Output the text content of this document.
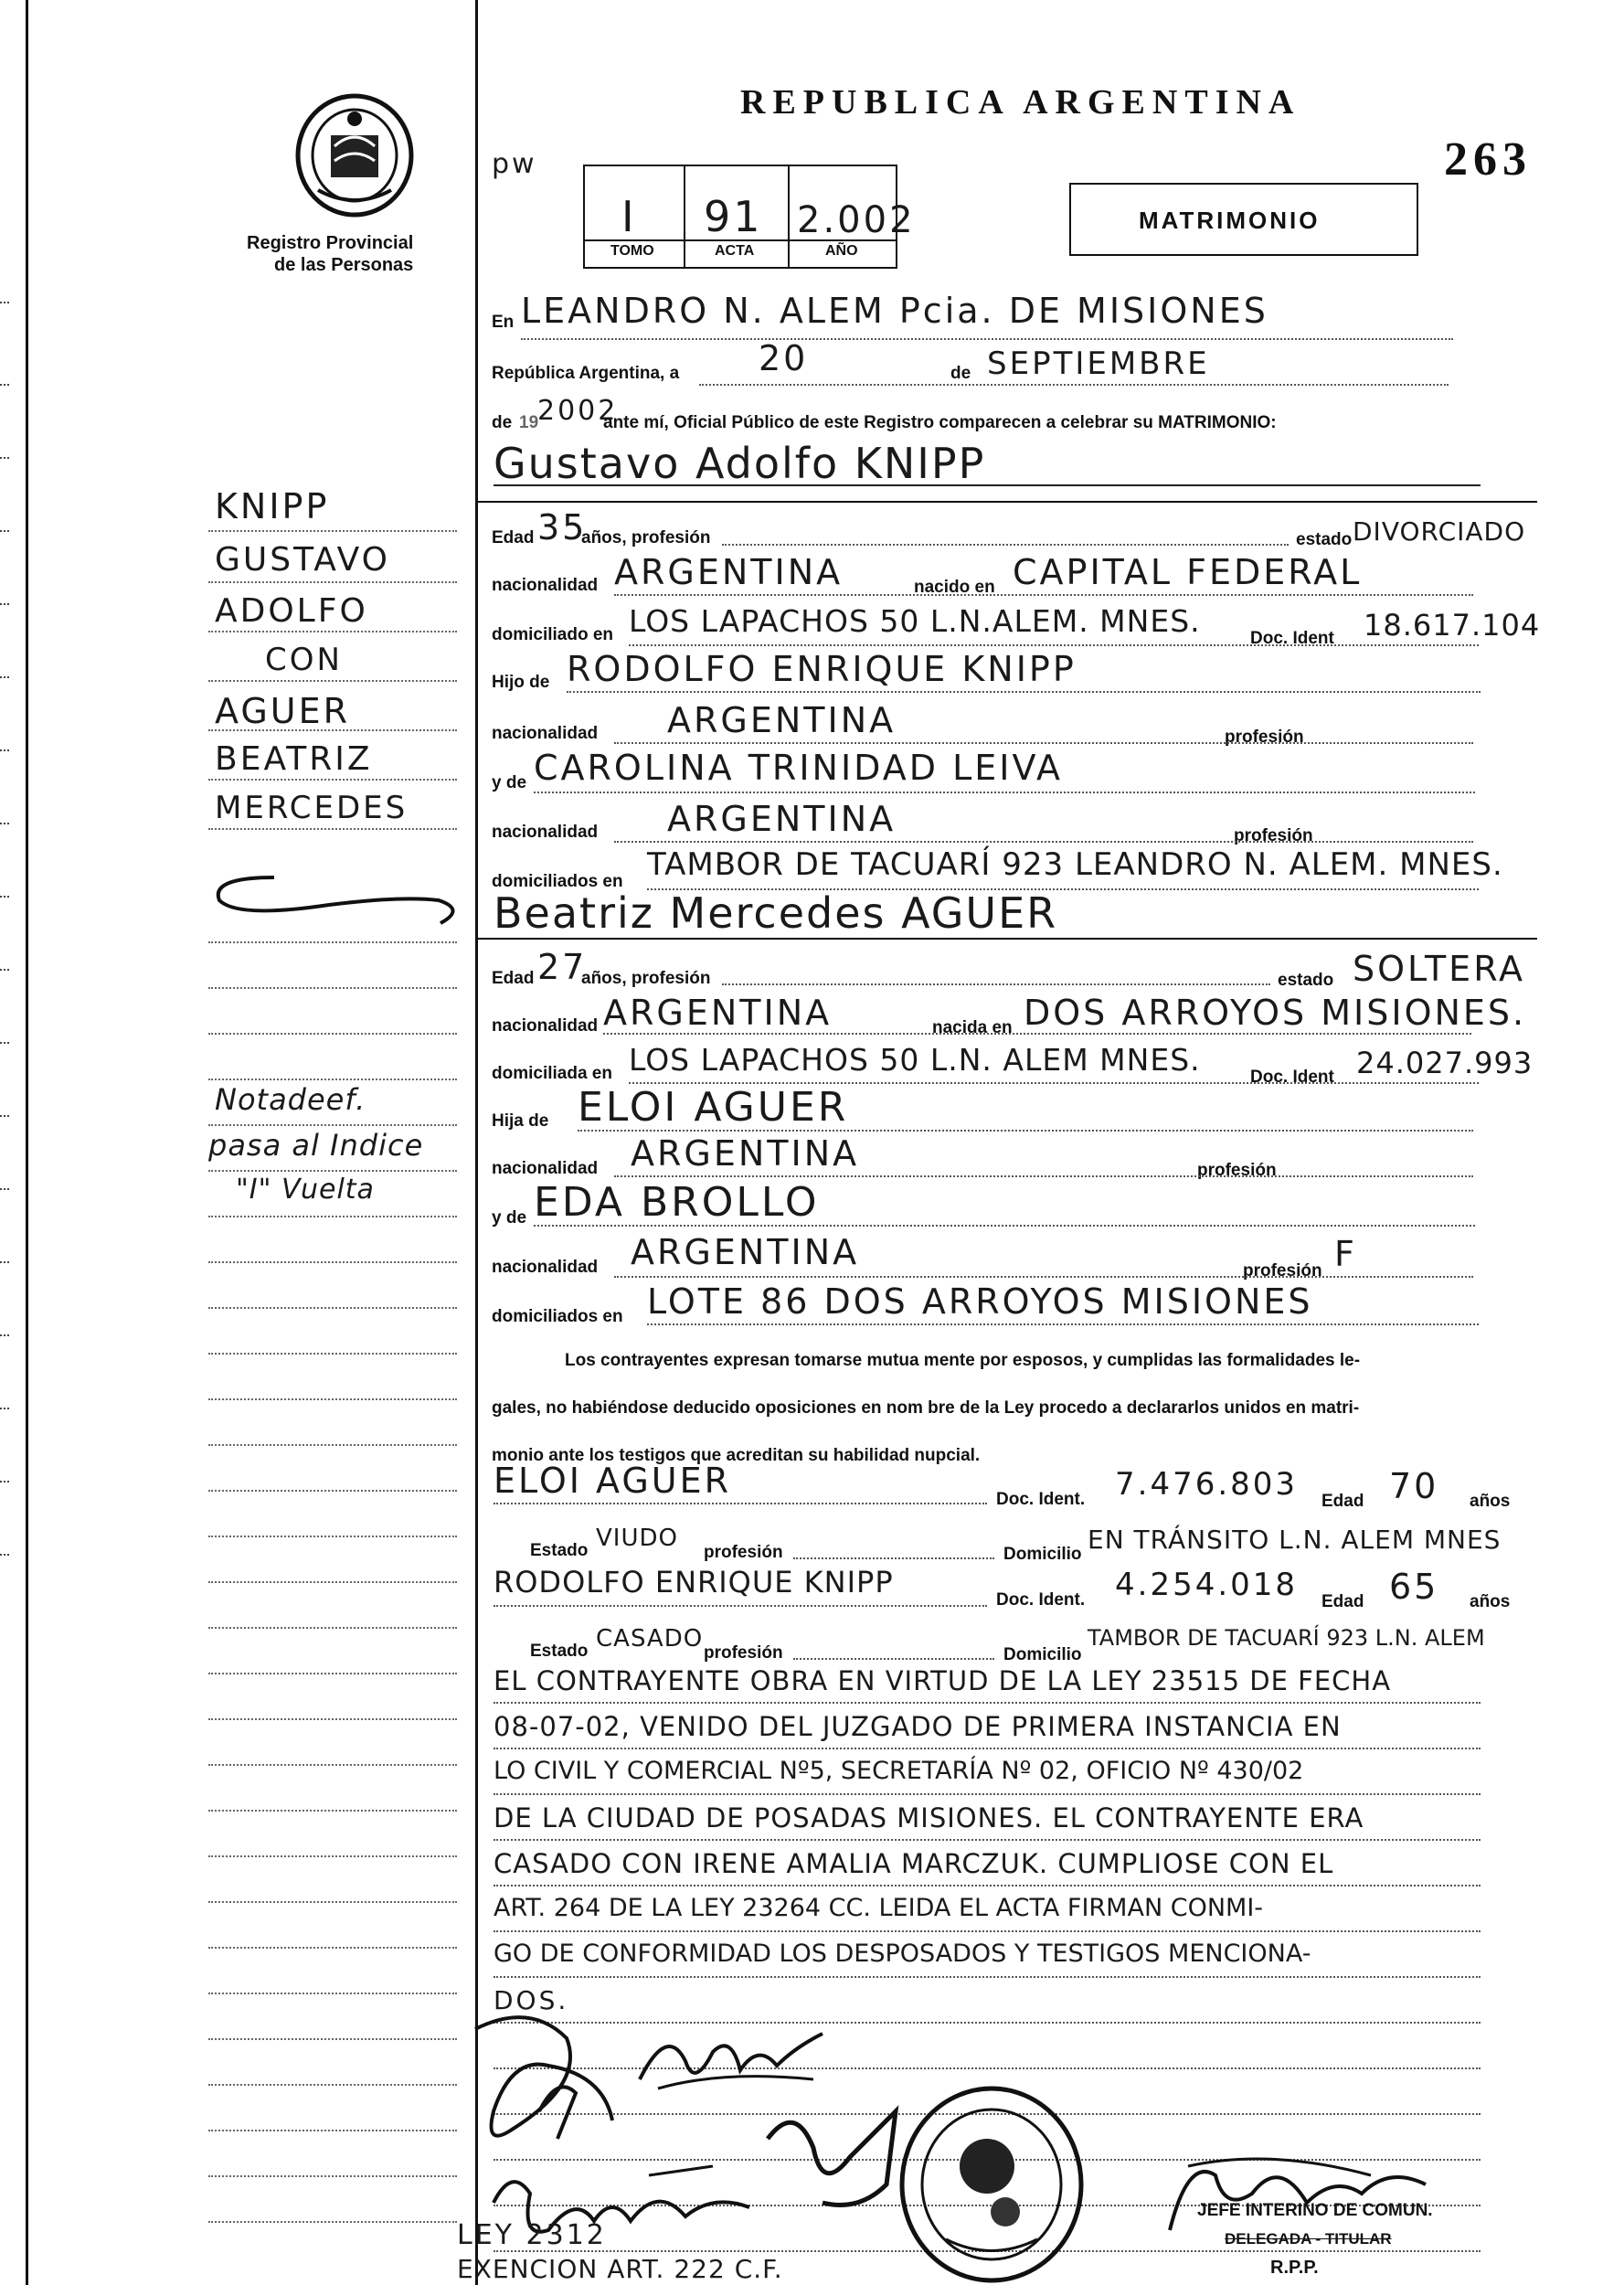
Registro Provincial
de las Personas
REPUBLICA ARGENTINA
263
pw
I 91 2.002
TOMO	ACTA	AÑO
MATRIMONIO
En LEANDRO N. ALEM Pcia. DE MISIONES
República Argentina, a 20	de SEPTIEMBRE
de 19
2002
ante mí, Oficial Público de este Registro comparecen a celebrar su MATRIMONIO:
Gustavo Adolfo KNIPP
Edad 35
años, profesión	estado DIVORCIADO
nacionalidad ARGENTINA	nacido en CAPITAL FEDERAL
domiciliado en LOS LAPACHOS 50 L.N.ALEM. MNES.	Doc. Ident 18.617.104
Hijo de RODOLFO ENRIQUE KNIPP
nacionalidad ARGENTINA	profesión
y de CAROLINA TRINIDAD LEIVA
nacionalidad ARGENTINA	profesión
domiciliados en TAMBOR DE TACUARÍ 923 LEANDRO N. ALEM. MNES.
Beatriz Mercedes AGUER
Edad 27
años, profesión	estado SOLTERA
nacionalidad ARGENTINA	nacida en DOS ARROYOS MISIONES.
domiciliada en LOS LAPACHOS 50 L.N. ALEM MNES.	Doc. Ident 24.027.993
Hija de ELOI AGUER
nacionalidad ARGENTINA	profesión
y de EDA BROLLO
nacionalidad ARGENTINA	profesión F
domiciliados en LOTE 86 DOS ARROYOS MISIONES
Los contrayentes expresan tomarse mutua mente por esposos, y cumplidas las formalidades le-
gales, no habiéndose deducido oposiciones en nom bre de la Ley procedo a declararlos unidos en matri-
monio ante los testigos que acreditan su habilidad nupcial.
ELOI AGUER	Doc. Ident. 7.476.803 Edad 70 años
Estado VIUDO
profesión	Domicilio EN TRÁNSITO L.N. ALEM MNES
RODOLFO ENRIQUE KNIPP
Doc. Ident. 4.254.018 Edad 65 años
Estado CASADO
profesión	Domicilio
TAMBOR DE TACUARÍ 923 L.N. ALEM
EL CONTRAYENTE OBRA EN VIRTUD DE LA LEY 23515 DE FECHA
08-07-02, VENIDO DEL JUZGADO DE PRIMERA INSTANCIA EN
LO CIVIL Y COMERCIAL Nº5, SECRETARÍA Nº 02, OFICIO Nº 430/02
DE LA CIUDAD DE POSADAS MISIONES. EL CONTRAYENTE ERA
CASADO CON IRENE AMALIA MARCZUK. CUMPLIOSE CON EL
ART. 264 DE LA LEY 23264 CC. LEIDA EL ACTA FIRMAN CONMI-
GO DE CONFORMIDAD LOS DESPOSADOS Y TESTIGOS MENCIONA-
DOS.
KNIPP
GUSTAVO
ADOLFO
CON
AGUER
BEATRIZ
MERCEDES
Notadeef.
pasa al Indice
"I" Vuelta
LEY 2312
EXENCION ART. 222 C.F.
JEFE INTERINO DE COMUN.
DELEGADA - TITULAR
R.P.P.
